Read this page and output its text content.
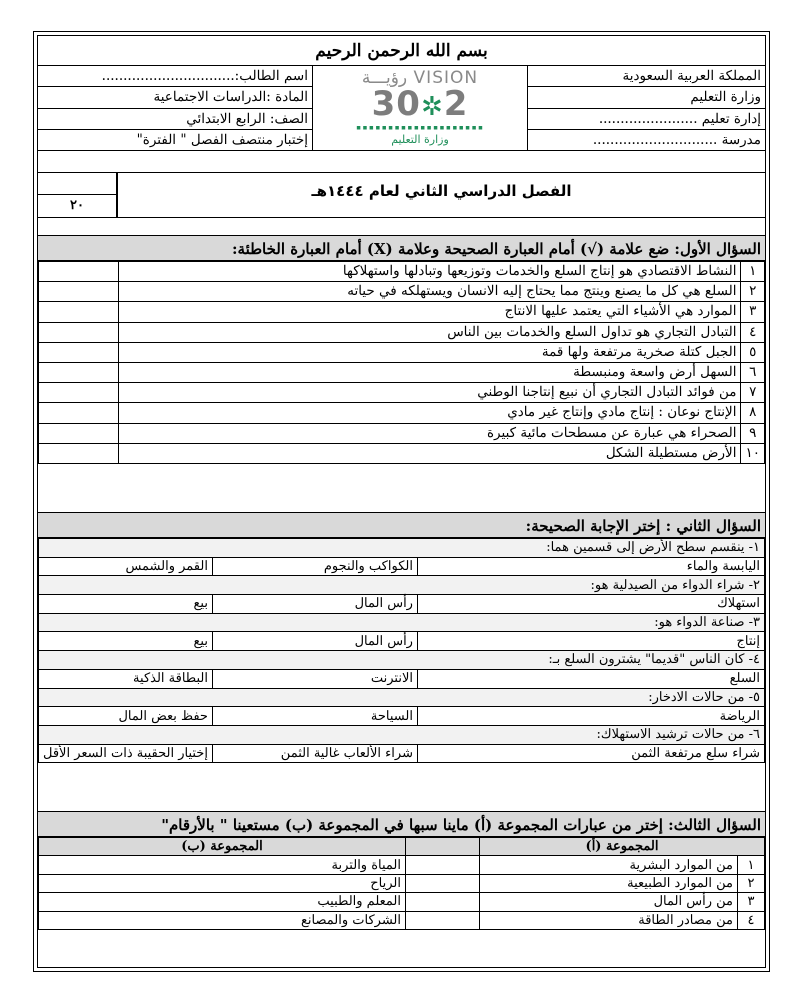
بسم الله الرحمن الرحيم
المملكة العربية السعودية
وزارة التعليم
إدارة تعليم .......................
مدرسة .............................
VISION رؤيـــة
2✲30
▪▪▪▪▪▪▪▪▪▪▪▪▪▪▪▪▪▪▪▪
وزارة التعليم
اسم الطالب:...............................
المادة :الدراسات الاجتماعية
الصف: الرابع الابتدائي
إختبار منتصف الفصل " الفترة"
٢٠
الفصل الدراسي الثاني لعام ١٤٤٤هـ
السؤال الأول: ضع علامة (√) أمام العبارة الصحيحة وعلامة (X) أمام العبارة الخاطئة:
١	النشاط الاقتصادي هو إنتاج السلع والخدمات وتوزيعها وتبادلها واستهلاكها	
٢	السلع هي كل ما يصنع وينتج مما يحتاج إليه الانسان ويستهلكه في حياته	
٣	الموارد هي الأشياء التي يعتمد عليها الانتاج	
٤	التبادل التجاري هو تداول السلع والخدمات بين الناس	
٥	الجبل كتلة صخرية مرتفعة ولها قمة	
٦	السهل أرض واسعة ومنبسطة	
٧	من فوائد التبادل التجاري أن نبيع إنتاجنا الوطني	
٨	الإنتاج نوعان : إنتاج مادي وإنتاج غير مادي	
٩	الصحراء هي عبارة عن مسطحات مائية كبيرة	
١٠	الأرض مستطيلة الشكل	
السؤال الثاني : إختر الإجابة الصحيحة:
١- ينقسم سطح الأرض إلى قسمين هما:		
اليابسة والماء	الكواكب والنجوم	القمر والشمس
٢- شراء الدواء من الصيدلية هو:		
استهلاك	رأس المال	بيع
٣- صناعة الدواء هو:		
إنتاج	رأس المال	بيع
٤- كان الناس "قديما" يشترون السلع بـ:		
السلع	الانترنت	البطاقة الذكية
٥- من حالات الادخار:		
الرياضة	السياحة	حفظ بعض المال
٦- من حالات ترشيد الاستهلاك:		
شراء سلع مرتفعة الثمن	شراء الألعاب غالية الثمن	إختيار الحقيبة ذات السعر الأقل
السؤال الثالث: إختر من عبارات المجموعة (أ) ماينا سبها في المجموعة (ب) مستعينا " بالأرقام"
المجموعة (أ)			المجموعة (ب)
١	من الموارد البشرية		المياة والتربة
٢	من الموارد الطبيعية		الرياح
٣	من رأس المال		المعلم والطبيب
٤	من مصادر الطاقة		الشركات والمصانع
